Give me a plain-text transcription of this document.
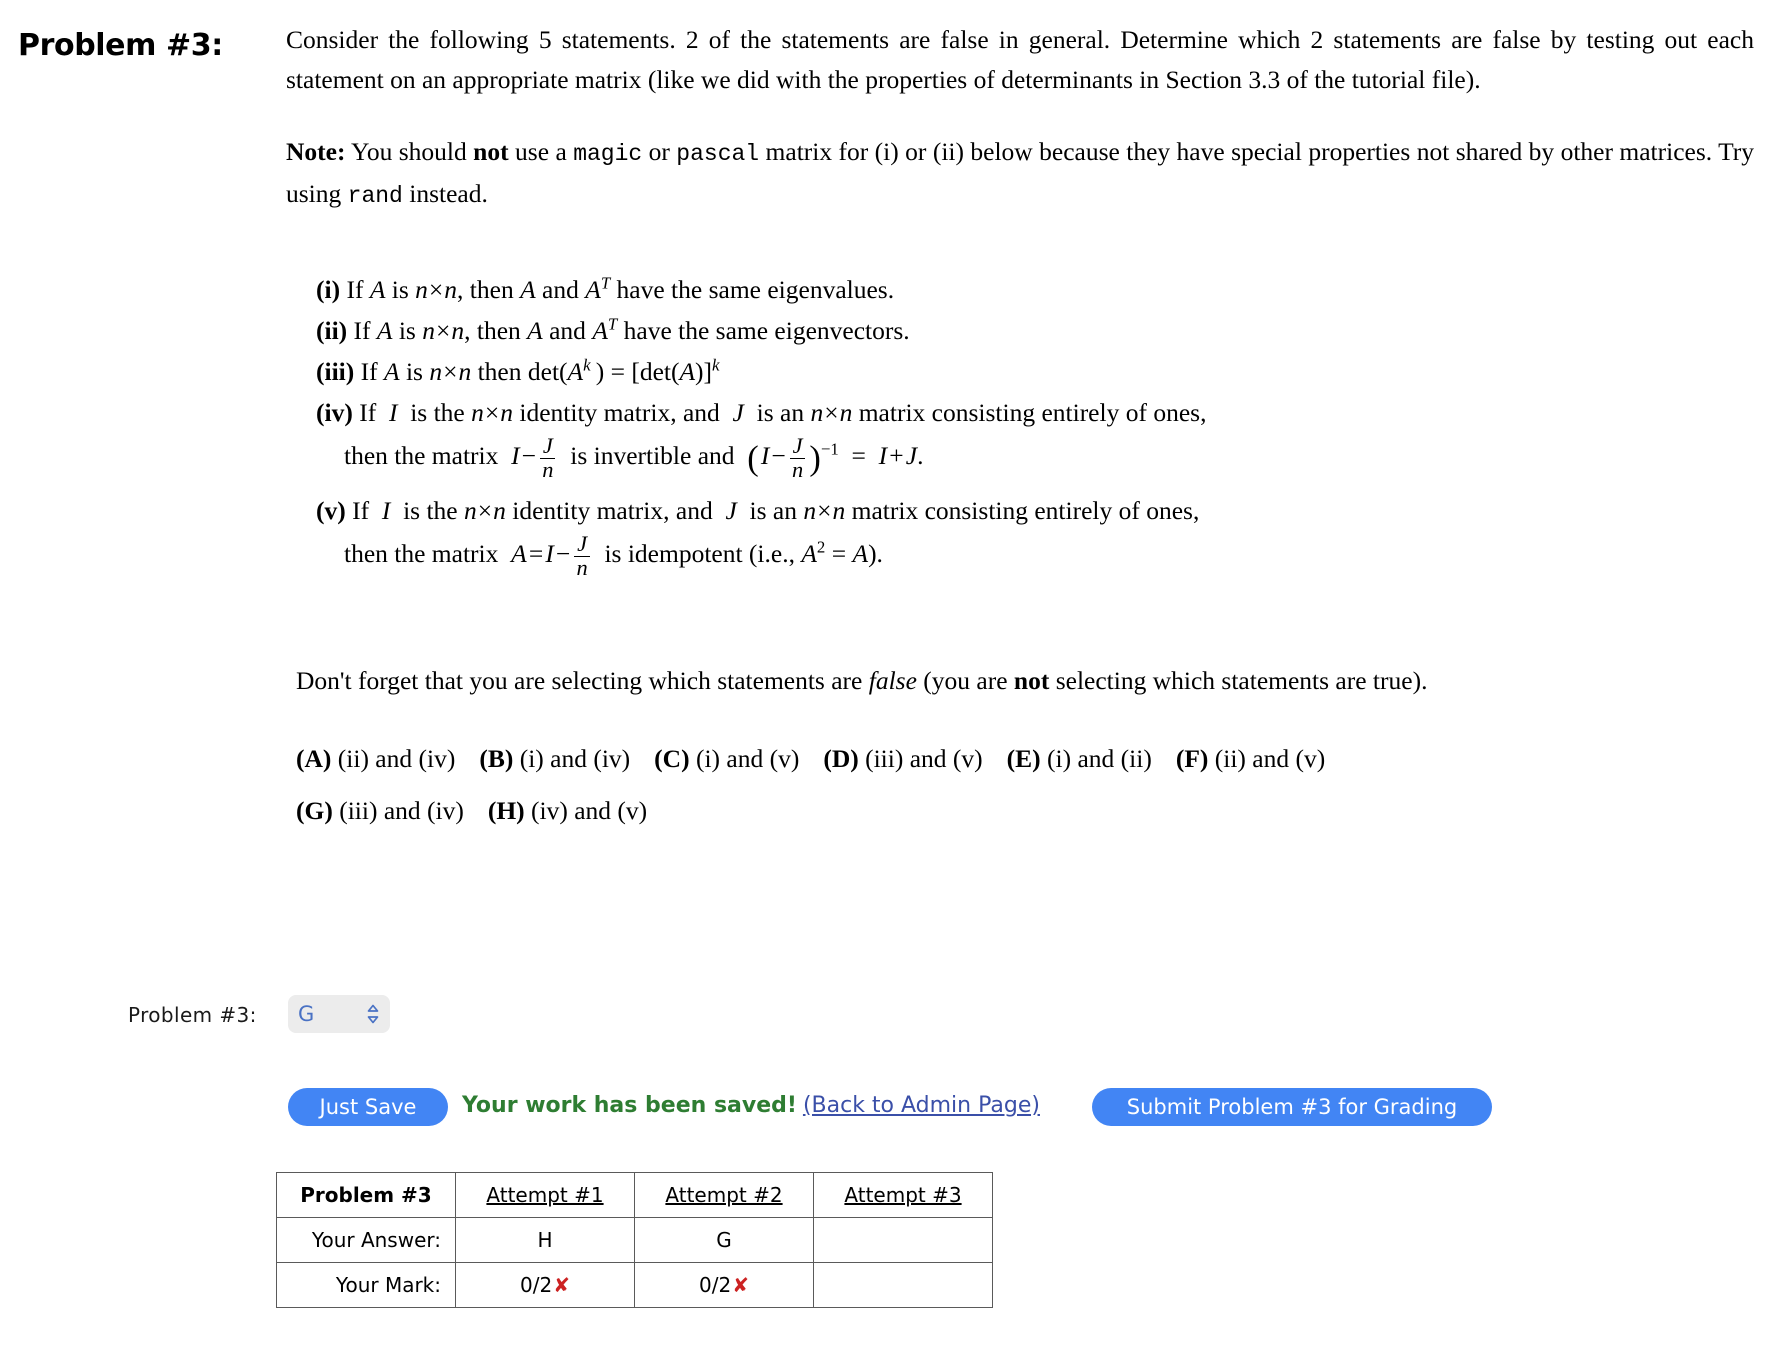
Problem #3:	Consider the following 5 statements. 2 of the statements are false in general. Determine which 2 statements are false by testing out each statement on an appropriate matrix (like we did with the properties of determinants in Section 3.3 of the tutorial file).

Note: You should not use a magic or pascal matrix for (i) or (ii) below because they have special properties not shared by other matrices. Try using rand instead.

(i) If A is n×n, then A and $A^T$ have the same eigenvalues.
(ii) If A is n×n, then A and $A^T$ have the same eigenvectors.
(iii) If A is n×n then $\det(A^k$ ) = $[\det(A)]^k$
(iv) If  I  is the n×n identity matrix, and  J  is an n×n matrix consisting entirely of ones,
then the matrix  I −  $\frac{J}{n}$ is invertible and  ( I −  $\frac{J}{n}$
  )$^{-1}$  =  I + J.
(v) If  I  is the n×n identity matrix, and  J  is an n×n matrix consisting entirely of ones,
then the matrix  A = I −  $\frac{J}{n}$ is idempotent (i.e., $A^2 = A$).

Don't forget that you are selecting which statements are false (you are not selecting which statements are true).

(A) (ii) and (iv) (B) (i) and (iv) (C) (i) and (v) (D) (iii) and (v) (E) (i) and (ii) (F) (ii) and (v)
(G) (iii) and (iv) (H) (iv) and (v)
Problem #3: G
Just Save	Your work has been saved! (Back to Admin Page)	Submit Problem #3 for Grading
Problem #3	Attempt #1	Attempt #2	Attempt #3
Your Answer:	H	G	
Your Mark:	0/2✘	0/2✘	
